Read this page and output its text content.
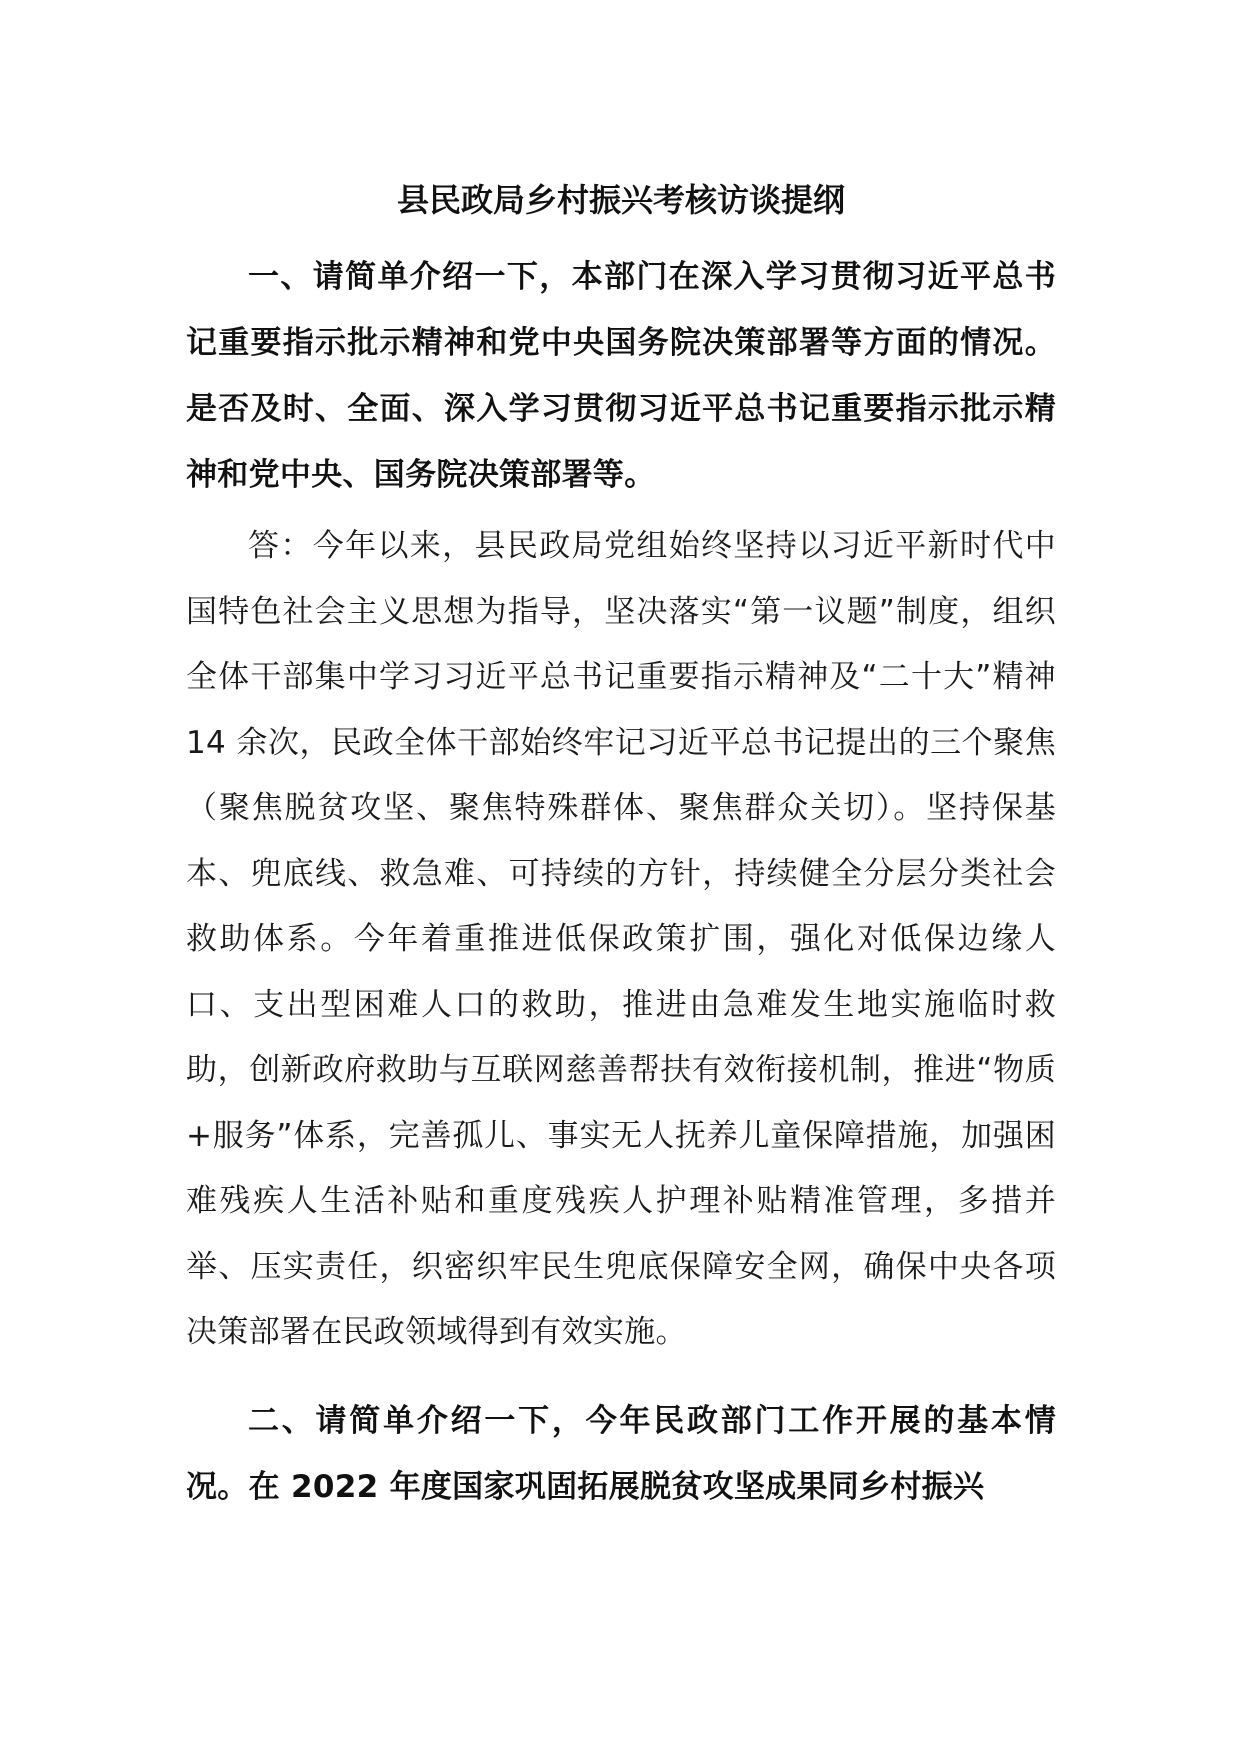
县民政局乡村振兴考核访谈提纲

一、请简单介绍一下，本部门在深入学习贯彻习近平总书记重要指示批示精神和党中央国务院决策部署等方面的情况。是否及时、全面、深入学习贯彻习近平总书记重要指示批示精神和党中央、国务院决策部署等。

答：今年以来，县民政局党组始终坚持以习近平新时代中国特色社会主义思想为指导，坚决落实“第一议题”制度，组织全体干部集中学习习近平总书记重要指示精神及“二十大”精神 14 余次，民政全体干部始终牢记习近平总书记提出的三个聚焦（聚焦脱贫攻坚、聚焦特殊群体、聚焦群众关切）。坚持保基本、兜底线、救急难、可持续的方针，持续健全分层分类社会救助体系。今年着重推进低保政策扩围，强化对低保边缘人口、支出型困难人口的救助，推进由急难发生地实施临时救助，创新政府救助与互联网慈善帮扶有效衔接机制，推进“物质+服务”体系，完善孤儿、事实无人抚养儿童保障措施，加强困难残疾人生活补贴和重度残疾人护理补贴精准管理，多措并举、压实责任，织密织牢民生兜底保障安全网，确保中央各项决策部署在民政领域得到有效实施。

二、请简单介绍一下，今年民政部门工作开展的基本情况。在 2022 年度国家巩固拓展脱贫攻坚成果同乡村振兴
